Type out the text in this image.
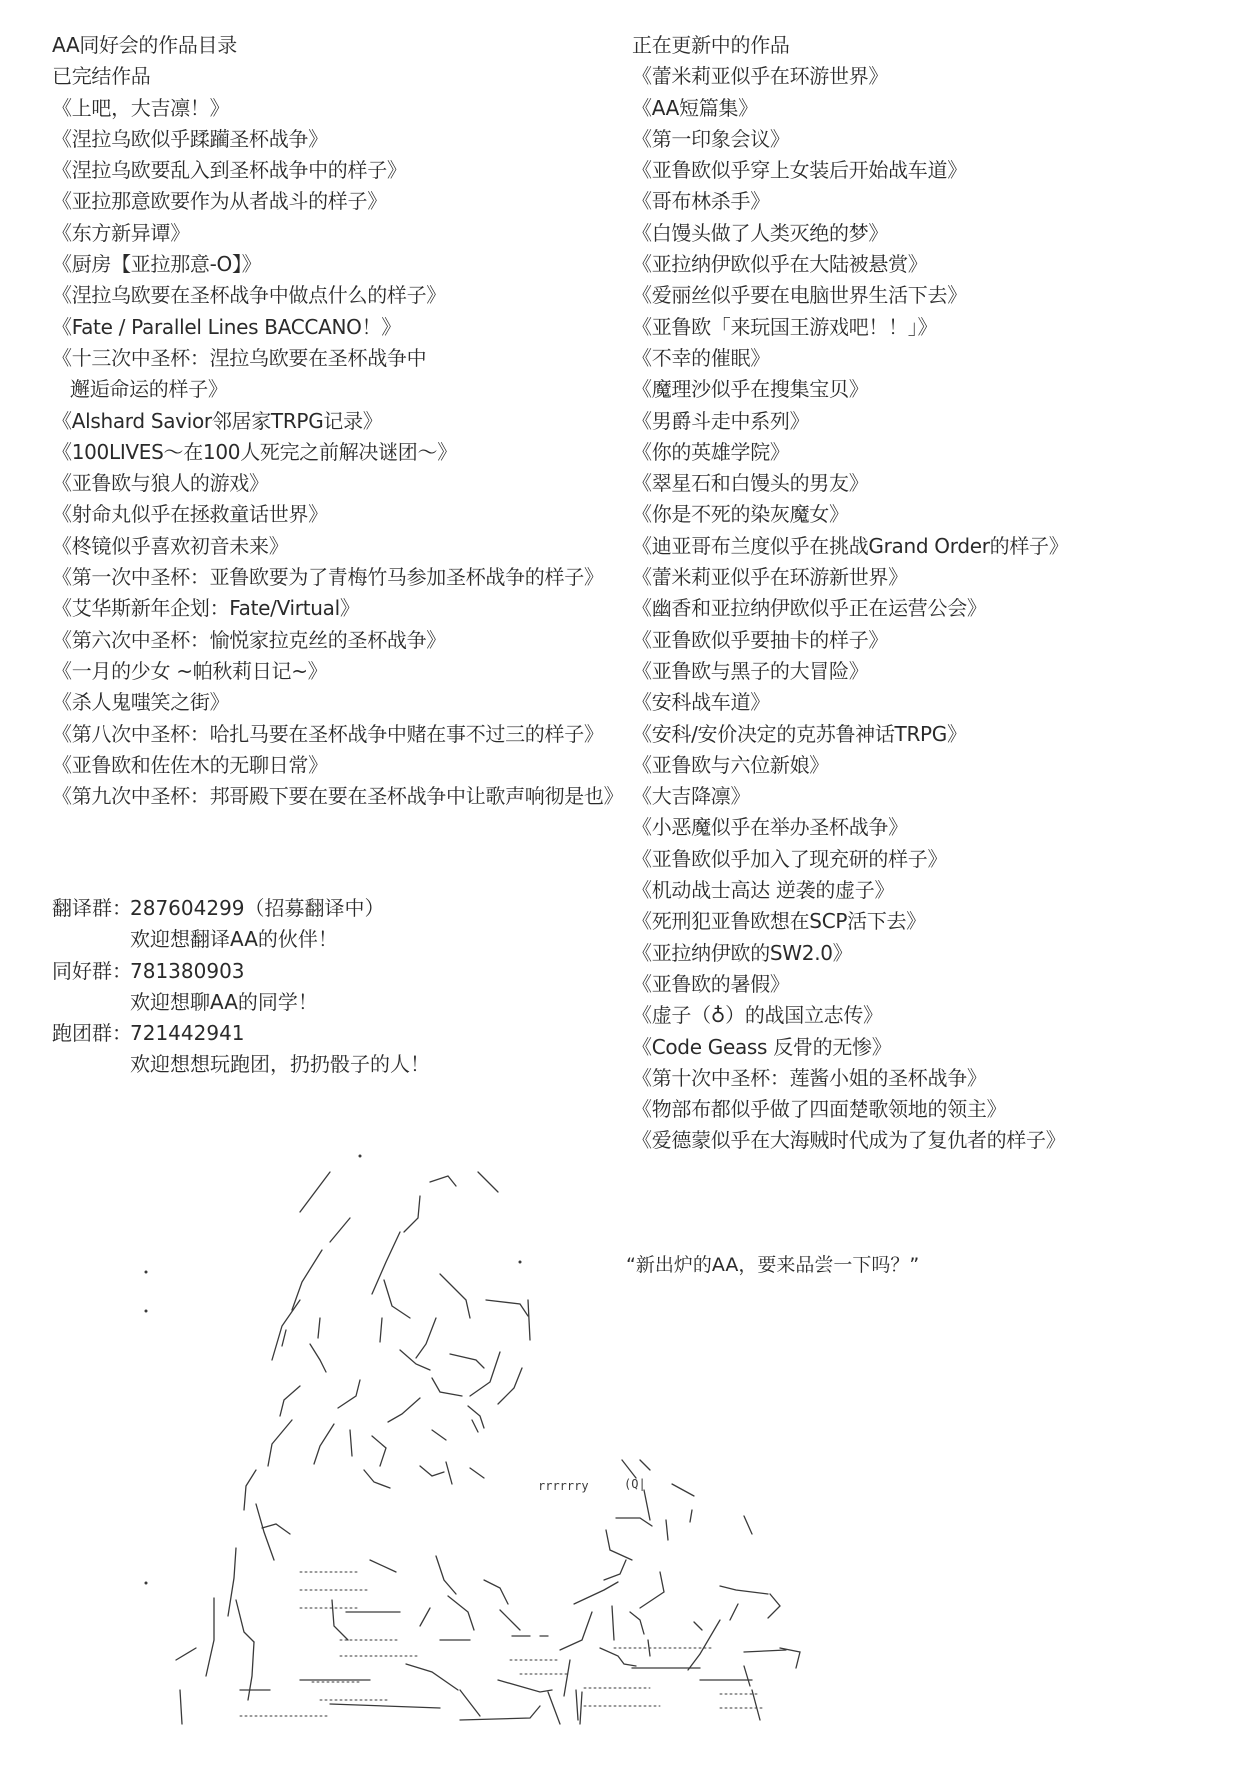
AA同好会的作品目录
已完结作品
《上吧，大吉凛！》
《涅拉乌欧似乎蹂躏圣杯战争》
《涅拉乌欧要乱入到圣杯战争中的样子》
《亚拉那意欧要作为从者战斗的样子》
《东方新异谭》
《厨房【亚拉那意-O】》
《涅拉乌欧要在圣杯战争中做点什么的样子》
《Fate / Parallel Lines BACCANO！》
《十三次中圣杯：涅拉乌欧要在圣杯战争中
邂逅命运的样子》
《Alshard Savior邻居家TRPG记录》
《100LIVES～在100人死完之前解决谜团～》
《亚鲁欧与狼人的游戏》
《射命丸似乎在拯救童话世界》
《柊镜似乎喜欢初音未来》
《第一次中圣杯：亚鲁欧要为了青梅竹马参加圣杯战争的样子》
《艾华斯新年企划：Fate/Virtual》
《第六次中圣杯：愉悦家拉克丝的圣杯战争》
《一月的少女 ~帕秋莉日记~》
《杀人鬼嗤笑之街》
《第八次中圣杯：哈扎马要在圣杯战争中赌在事不过三的样子》
《亚鲁欧和佐佐木的无聊日常》
《第九次中圣杯：邦哥殿下要在要在圣杯战争中让歌声响彻是也》
正在更新中的作品
《蕾米莉亚似乎在环游世界》
《AA短篇集》
《第一印象会议》
《亚鲁欧似乎穿上女装后开始战车道》
《哥布林杀手》
《白馒头做了人类灭绝的梦》
《亚拉纳伊欧似乎在大陆被悬赏》
《爱丽丝似乎要在电脑世界生活下去》
《亚鲁欧「来玩国王游戏吧！！」》
《不幸的催眠》
《魔理沙似乎在搜集宝贝》
《男爵斗走中系列》
《你的英雄学院》
《翠星石和白馒头的男友》
《你是不死的染灰魔女》
《迪亚哥布兰度似乎在挑战Grand Order的样子》
《蕾米莉亚似乎在环游新世界》
《幽香和亚拉纳伊欧似乎正在运营公会》
《亚鲁欧似乎要抽卡的样子》
《亚鲁欧与黑子的大冒险》
《安科战车道》
《安科/安价决定的克苏鲁神话TRPG》
《亚鲁欧与六位新娘》
《大吉降凛》
《小恶魔似乎在举办圣杯战争》
《亚鲁欧似乎加入了现充研的样子》
《机动战士高达 逆袭的虚子》
《死刑犯亚鲁欧想在SCP活下去》
《亚拉纳伊欧的SW2.0》
《亚鲁欧的暑假》
《虚子（♁）的战国立志传》
《Code Geass 反骨的无惨》
《第十次中圣杯：莲酱小姐的圣杯战争》
《物部布都似乎做了四面楚歌领地的领主》
《爱德蒙似乎在大海贼时代成为了复仇者的样子》
翻译群：287604299（招募翻译中）
欢迎想翻译AA的伙伴！
同好群：781380903
欢迎想聊AA的同学！
跑团群：721442941
欢迎想想玩跑团，扔扔骰子的人！
“新出炉的AA，要来品尝一下吗？”
rrrrrry	(Q|
